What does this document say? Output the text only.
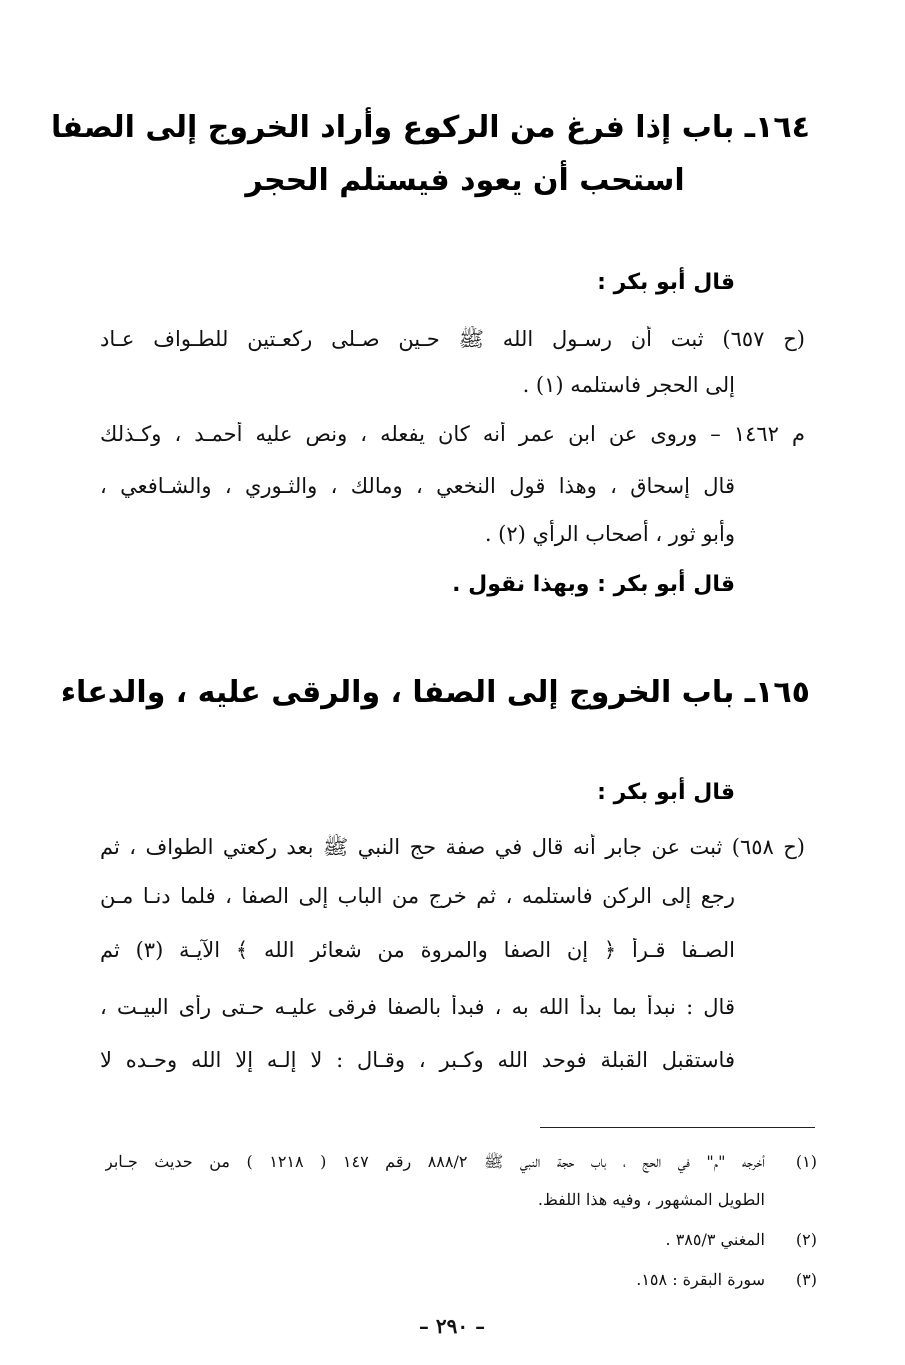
١٦٤ـ باب إذا فرغ من الركوع وأراد الخروج إلى الصفا
استحب أن يعود فيستلم الحجر
قال أبو بكر :
(ح ٦٥٧) ثبت أن رسـول الله ﷺ حـين صـلى ركعـتين للطـواف عـاد
إلى الحجر فاستلمه (١) .
م ١٤٦٢ – وروى عن ابن عمر أنه كان يفعله ، ونص عليه أحمـد ، وكـذلك
قال إسحاق ، وهذا قول النخعي ، ومالك ، والثـوري ، والشـافعي ،
وأبو ثور ، أصحاب الرأي (٢) .
قال أبو بكر : وبهذا نقول .
١٦٥ـ باب الخروج إلى الصفا ، والرقى عليه ، والدعاء
قال أبو بكر :
(ح ٦٥٨) ثبت عن جابر أنه قال في صفة حج النبي ﷺ بعد ركعتي الطواف ، ثم
رجع إلى الركن فاستلمه ، ثم خرج من الباب إلى الصفا ، فلما دنـا مـن
الصـفا قـرأ ﴿ إن الصفا والمروة من شعائر الله ﴾ الآيـة (٣) ثم
قال : نبدأ بما بدأ الله به ، فبدأ بالصفا فرقى عليـه حـتى رأى البيـت ،
فاستقبل القبلة فوحد الله وكـبر ، وقـال : لا إلـه إلا الله وحـده لا
(١)
أخرجه "م" في الحج ، باب حجة النبي ﷺ ٨٨٨/٢ رقم ١٤٧ ( ١٢١٨ ) من حديث جـابر
الطويل المشهور ، وفيه هذا اللفظ.
(٢)
المغني ٣٨٥/٣ .
(٣)
سورة البقرة : ١٥٨.
– ٢٩٠ –
